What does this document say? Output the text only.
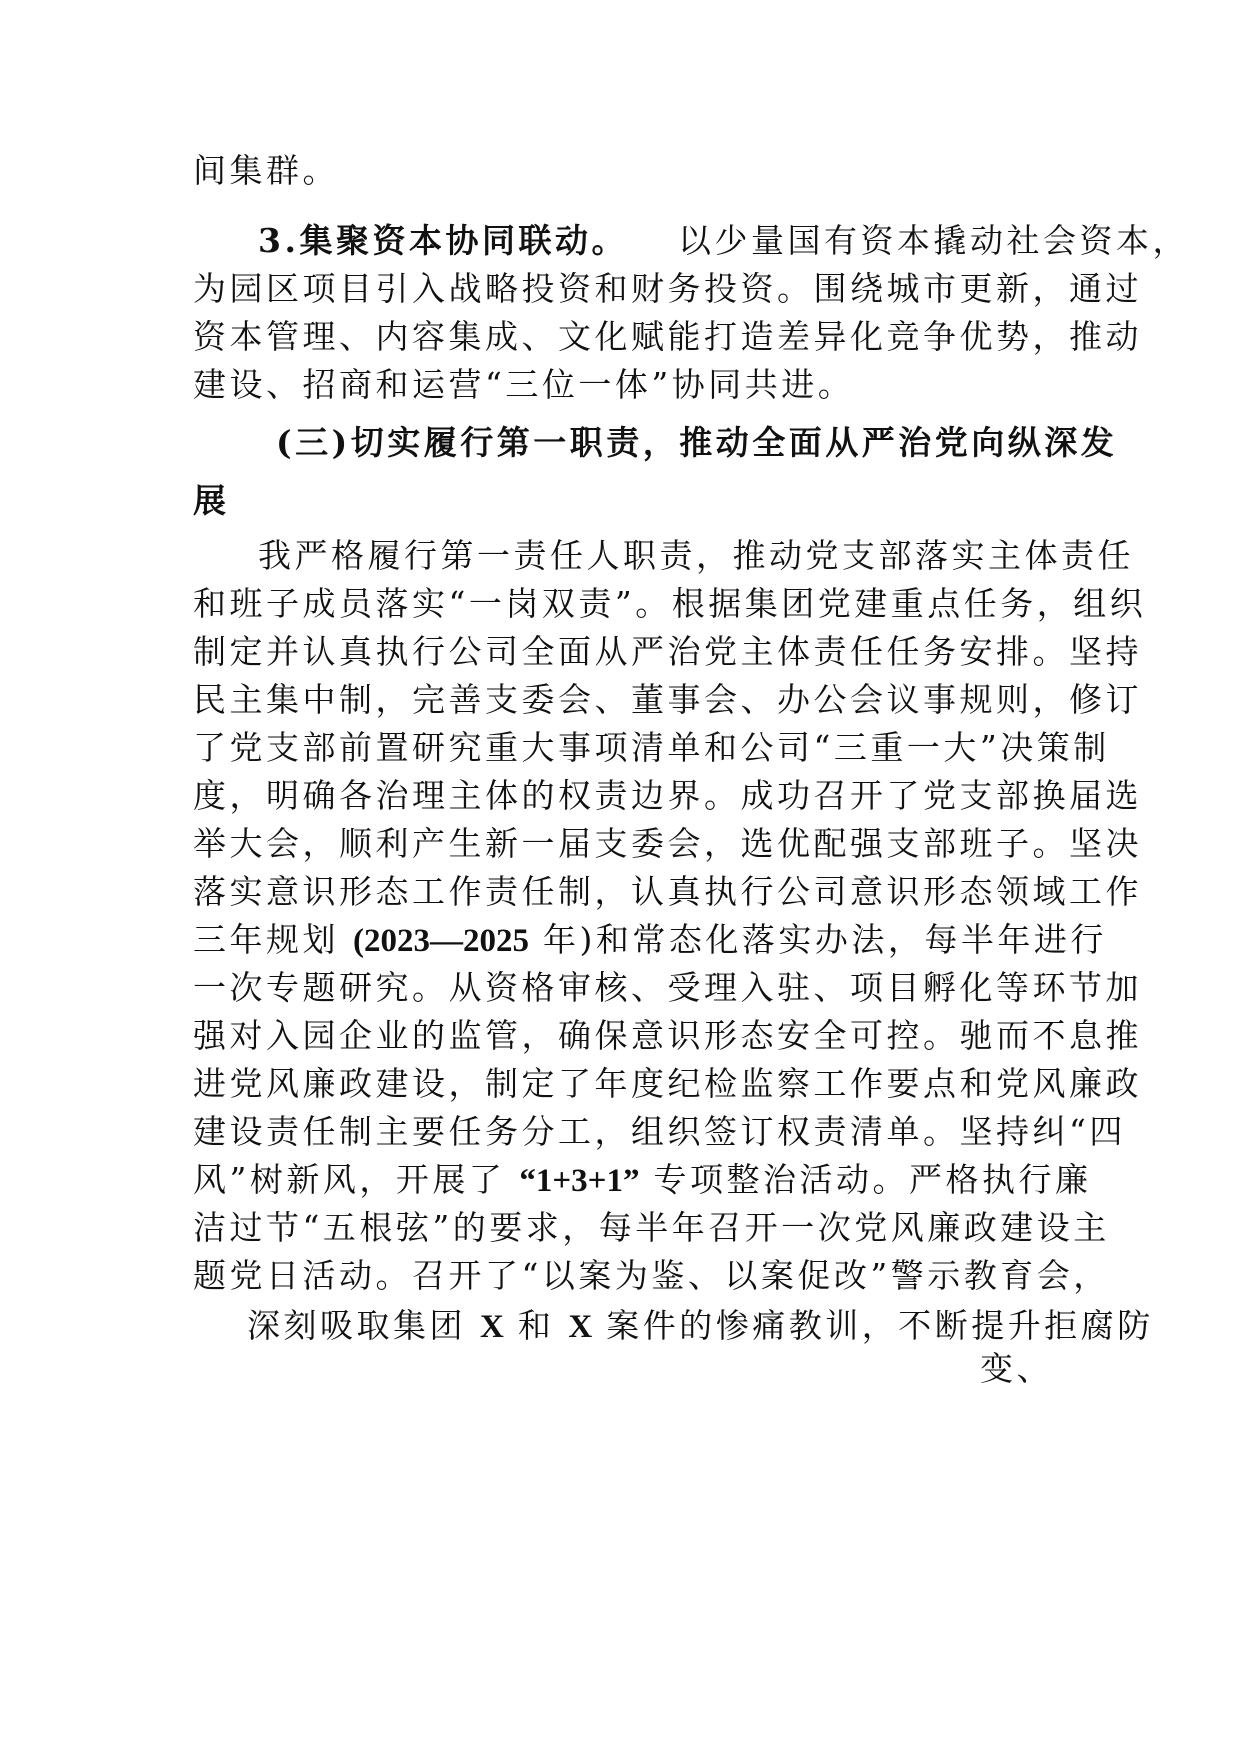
间集群。
3.集聚资本协同联动。 以少量国有资本撬动社会资本，
为园区项目引入战略投资和财务投资。围绕城市更新，通过
资本管理、内容集成、文化赋能打造差异化竞争优势，推动
建设、招商和运营“三位一体”协同共进。
(三)切实履行第一职责，推动全面从严治党向纵深发
展
我严格履行第一责任人职责，推动党支部落实主体责任
和班子成员落实“一岗双责”。根据集团党建重点任务，组织
制定并认真执行公司全面从严治党主体责任任务安排。坚持
民主集中制，完善支委会、董事会、办公会议事规则，修订
了党支部前置研究重大事项清单和公司“三重一大”决策制
度，明确各治理主体的权责边界。成功召开了党支部换届选
举大会，顺利产生新一届支委会，选优配强支部班子。坚决
落实意识形态工作责任制，认真执行公司意识形态领域工作
三年规划 (2023—2025 年)和常态化落实办法，每半年进行
一次专题研究。从资格审核、受理入驻、项目孵化等环节加
强对入园企业的监管，确保意识形态安全可控。驰而不息推
进党风廉政建设，制定了年度纪检监察工作要点和党风廉政
建设责任制主要任务分工，组织签订权责清单。坚持纠“四
风”树新风，开展了 “1+3+1” 专项整治活动。严格执行廉
洁过节“五根弦”的要求，每半年召开一次党风廉政建设主
题党日活动。召开了“以案为鉴、以案促改”警示教育会，
深刻吸取集团 X 和 X 案件的惨痛教训，不断提升拒腐防
变、
